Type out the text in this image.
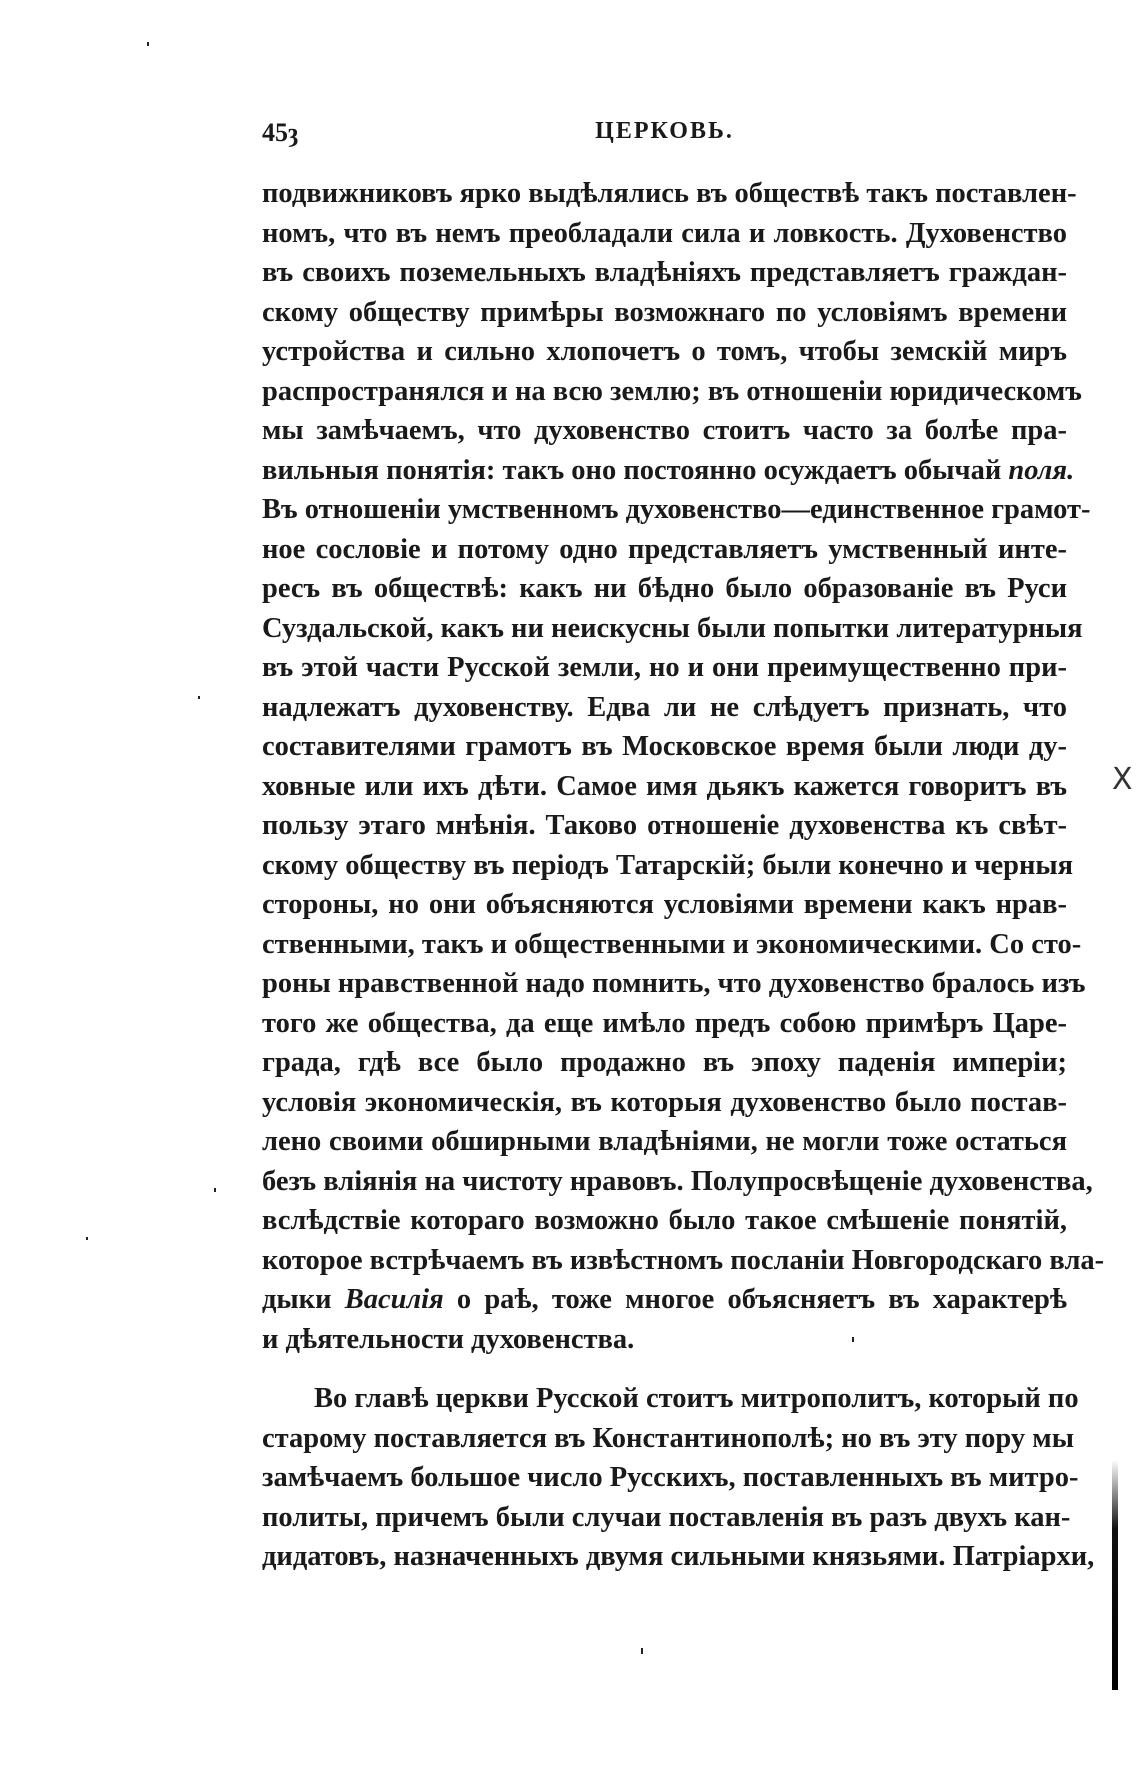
45ȝ	ЦЕРКОВЬ.
подвижниковъ ярко выдѣлялись въ обществѣ такъ поставлен-
номъ, что въ немъ преобладали сила и ловкость. Духовенство
въ своихъ поземельныхъ владѣніяхъ представляетъ граждан-
скому обществу примѣры возможнаго по условіямъ времени
устройства и сильно хлопочетъ о томъ, чтобы земскій миръ
распространялся и на всю землю; въ отношеніи юридическомъ
мы замѣчаемъ, что духовенство стоитъ часто за болѣе пра-
вильныя понятія: такъ оно постоянно осуждаетъ обычай поля.
Въ отношеніи умственномъ духовенство—единственное грамот-
ное сословіе и потому одно представляетъ умственный инте-
ресъ въ обществѣ: какъ ни бѣдно было образованіе въ Руси
Суздальской, какъ ни неискусны были попытки литературныя
въ этой части Русской земли, но и они преимущественно при-
надлежатъ духовенству. Едва ли не слѣдуетъ признать, что
составителями грамотъ въ Московское время были люди ду-
ховные или ихъ дѣти. Самое имя дьякъ кажется говоритъ въ
пользу этаго мнѣнія. Таково отношеніе духовенства къ свѣт-
скому обществу въ періодъ Татарскій; были конечно и черныя
стороны, но они объясняются условіями времени какъ нрав-
ственными, такъ и общественными и экономическими. Со сто-
роны нравственной надо помнить, что духовенство бралось изъ
того же общества, да еще имѣло предъ собою примѣръ Царе-
града, гдѣ все было продажно въ эпоху паденія имперіи;
условія экономическія, въ которыя духовенство было постав-
лено своими обширными владѣніями, не могли тоже остаться
безъ вліянія на чистоту нравовъ. Полупросвѣщеніе духовенства,
вслѣдствіе котораго возможно было такое смѣшеніе понятій,
которое встрѣчаемъ въ извѣстномъ посланіи Новгородскаго вла-
дыки Василія о раѣ, тоже многое объясняетъ въ характерѣ
и дѣятельности духовенства.
Во главѣ церкви Русской стоитъ митрополитъ, который по
старому поставляется въ Константинополѣ; но въ эту пору мы
замѣчаемъ большое число Русскихъ, поставленныхъ въ митро-
политы, причемъ были случаи поставленія въ разъ двухъ кан-
дидатовъ, назначенныхъ двумя сильными князьями. Патріархи,
X
